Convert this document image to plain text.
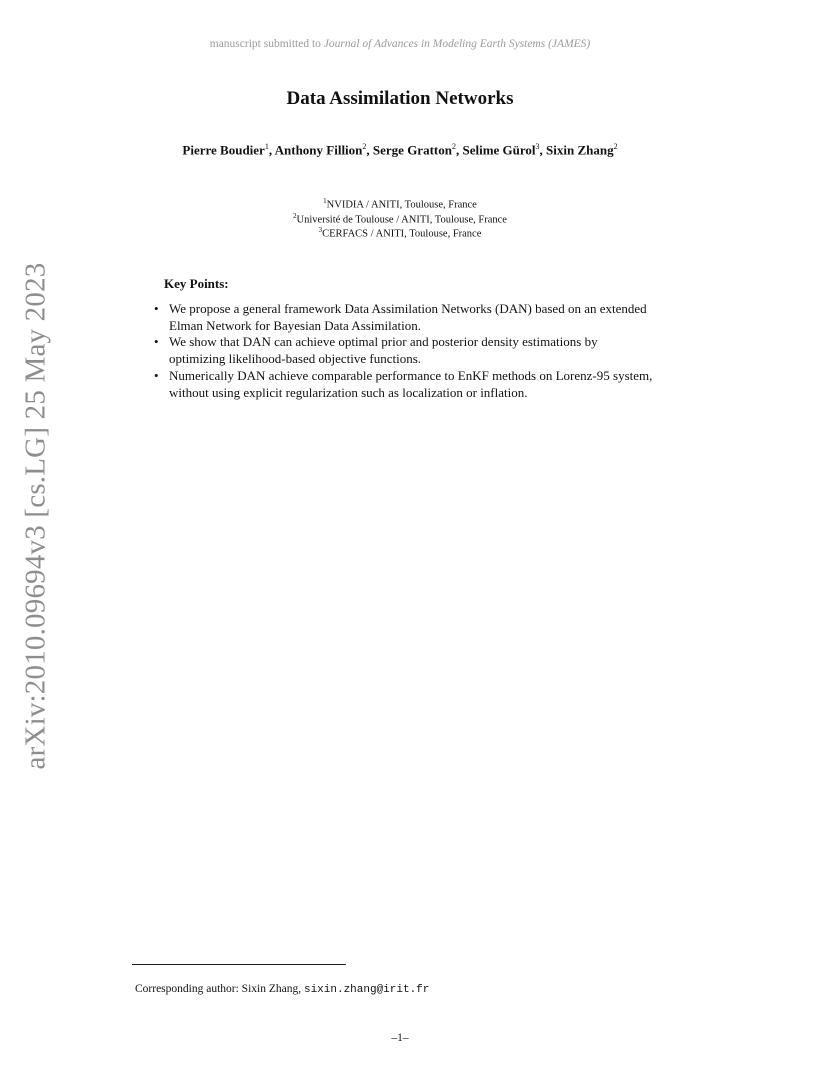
manuscript submitted to Journal of Advances in Modeling Earth Systems (JAMES)
arXiv:2010.09694v3 [cs.LG] 25 May 2023
Data Assimilation Networks
Pierre Boudier$^1$, Anthony Fillion$^2$, Serge Gratton$^2$, Selime Gürol$^3$, Sixin Zhang$^2$
$^1$NVIDIA / ANITI, Toulouse, France
$^2$Université de Toulouse / ANITI, Toulouse, France
$^3$CERFACS / ANITI, Toulouse, France
Key Points:
• We propose a general framework Data Assimilation Networks (DAN) based on an extended Elman Network for Bayesian Data Assimilation.
• We show that DAN can achieve optimal prior and posterior density estimations by optimizing likelihood-based objective functions.
• Numerically DAN achieve comparable performance to EnKF methods on Lorenz-95 system, without using explicit regularization such as localization or inflation.
Corresponding author: Sixin Zhang, sixin.zhang@irit.fr
–1–
